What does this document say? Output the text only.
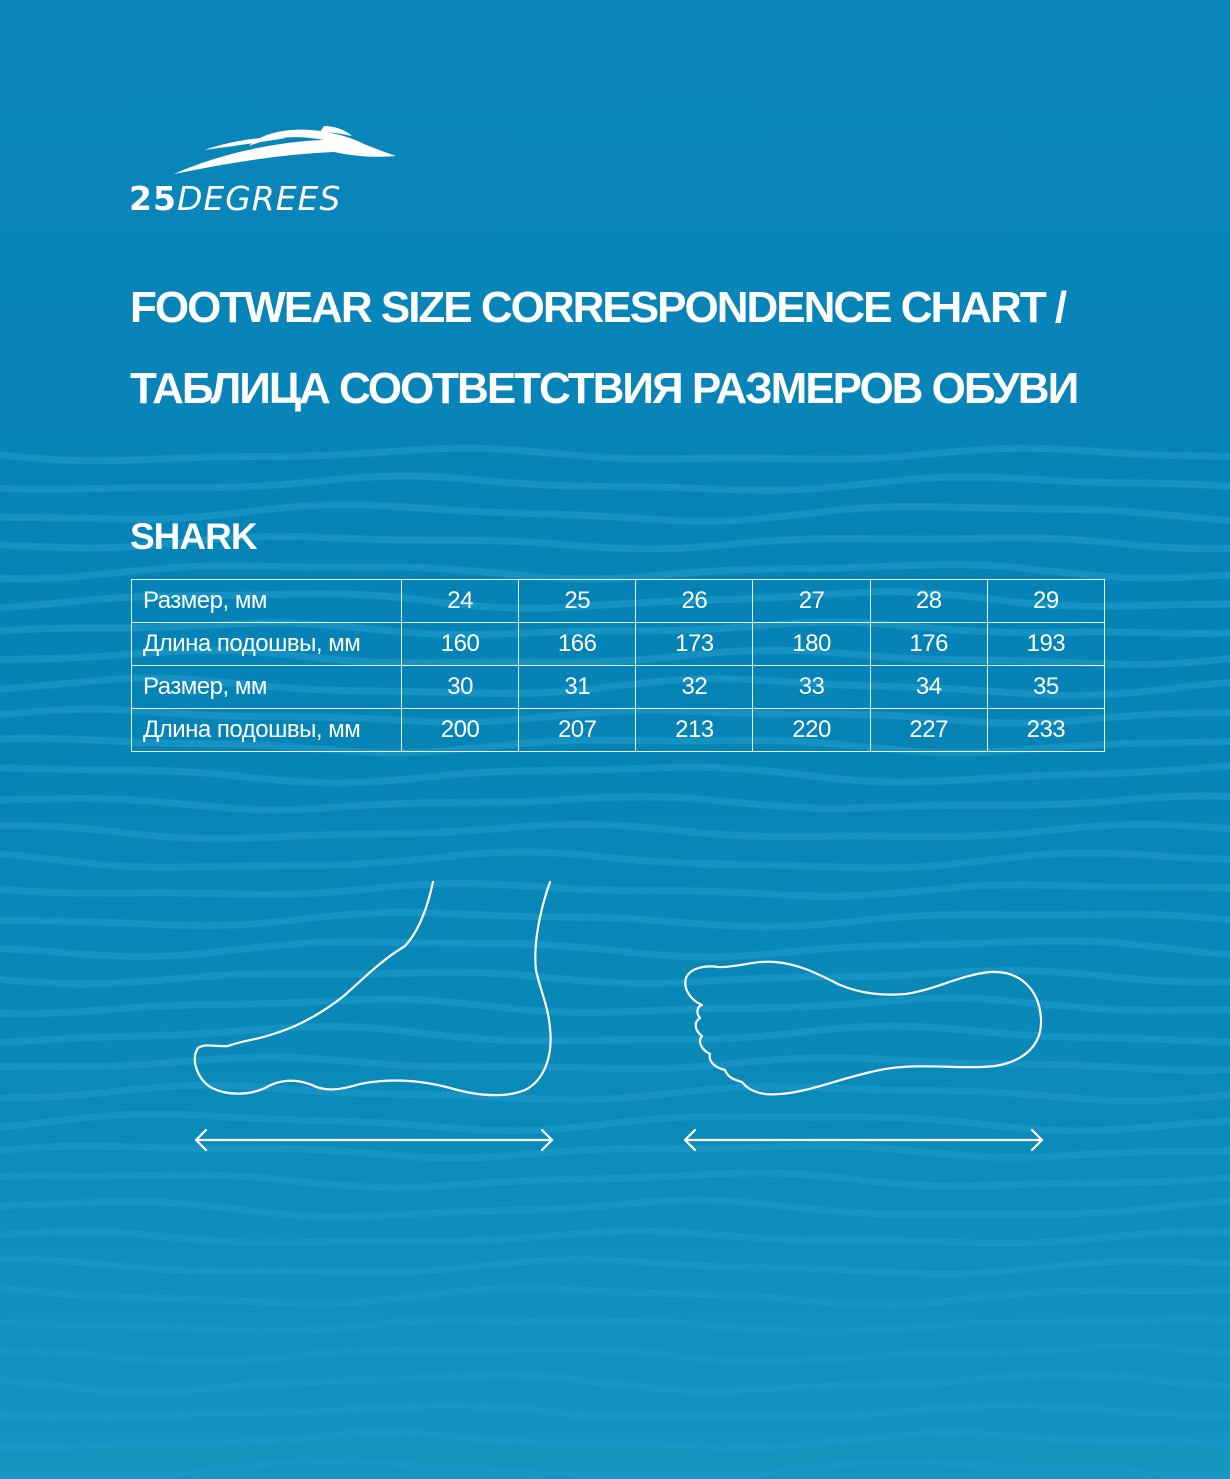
25DEGREES
FOOTWEAR SIZE CORRESPONDENCE CHART /
ТАБЛИЦА СООТВЕТСТВИЯ РАЗМЕРОВ ОБУВИ
SHARK
Размер, мм	24	25	26	27	28	29
Длина подошвы, мм	160	166	173	180	176	193
Размер, мм	30	31	32	33	34	35
Длина подошвы, мм	200	207	213	220	227	233
